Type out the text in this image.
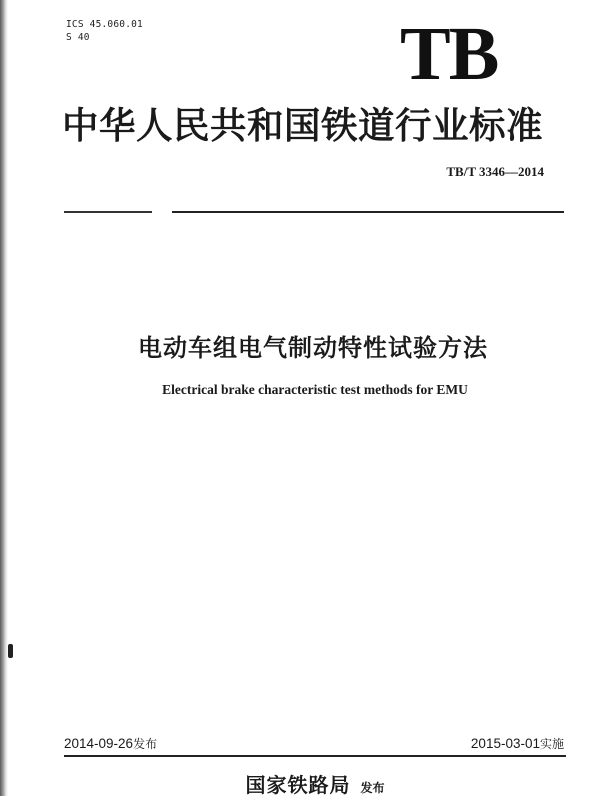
ICS 45.060.01
S 40	TB
中华人民共和国铁道行业标准
TB/T 3346—2014
电动车组电气制动特性试验方法
Electrical brake characteristic test methods for EMU
2014-09-26发布	2015-03-01实施
国家铁路局 发布
